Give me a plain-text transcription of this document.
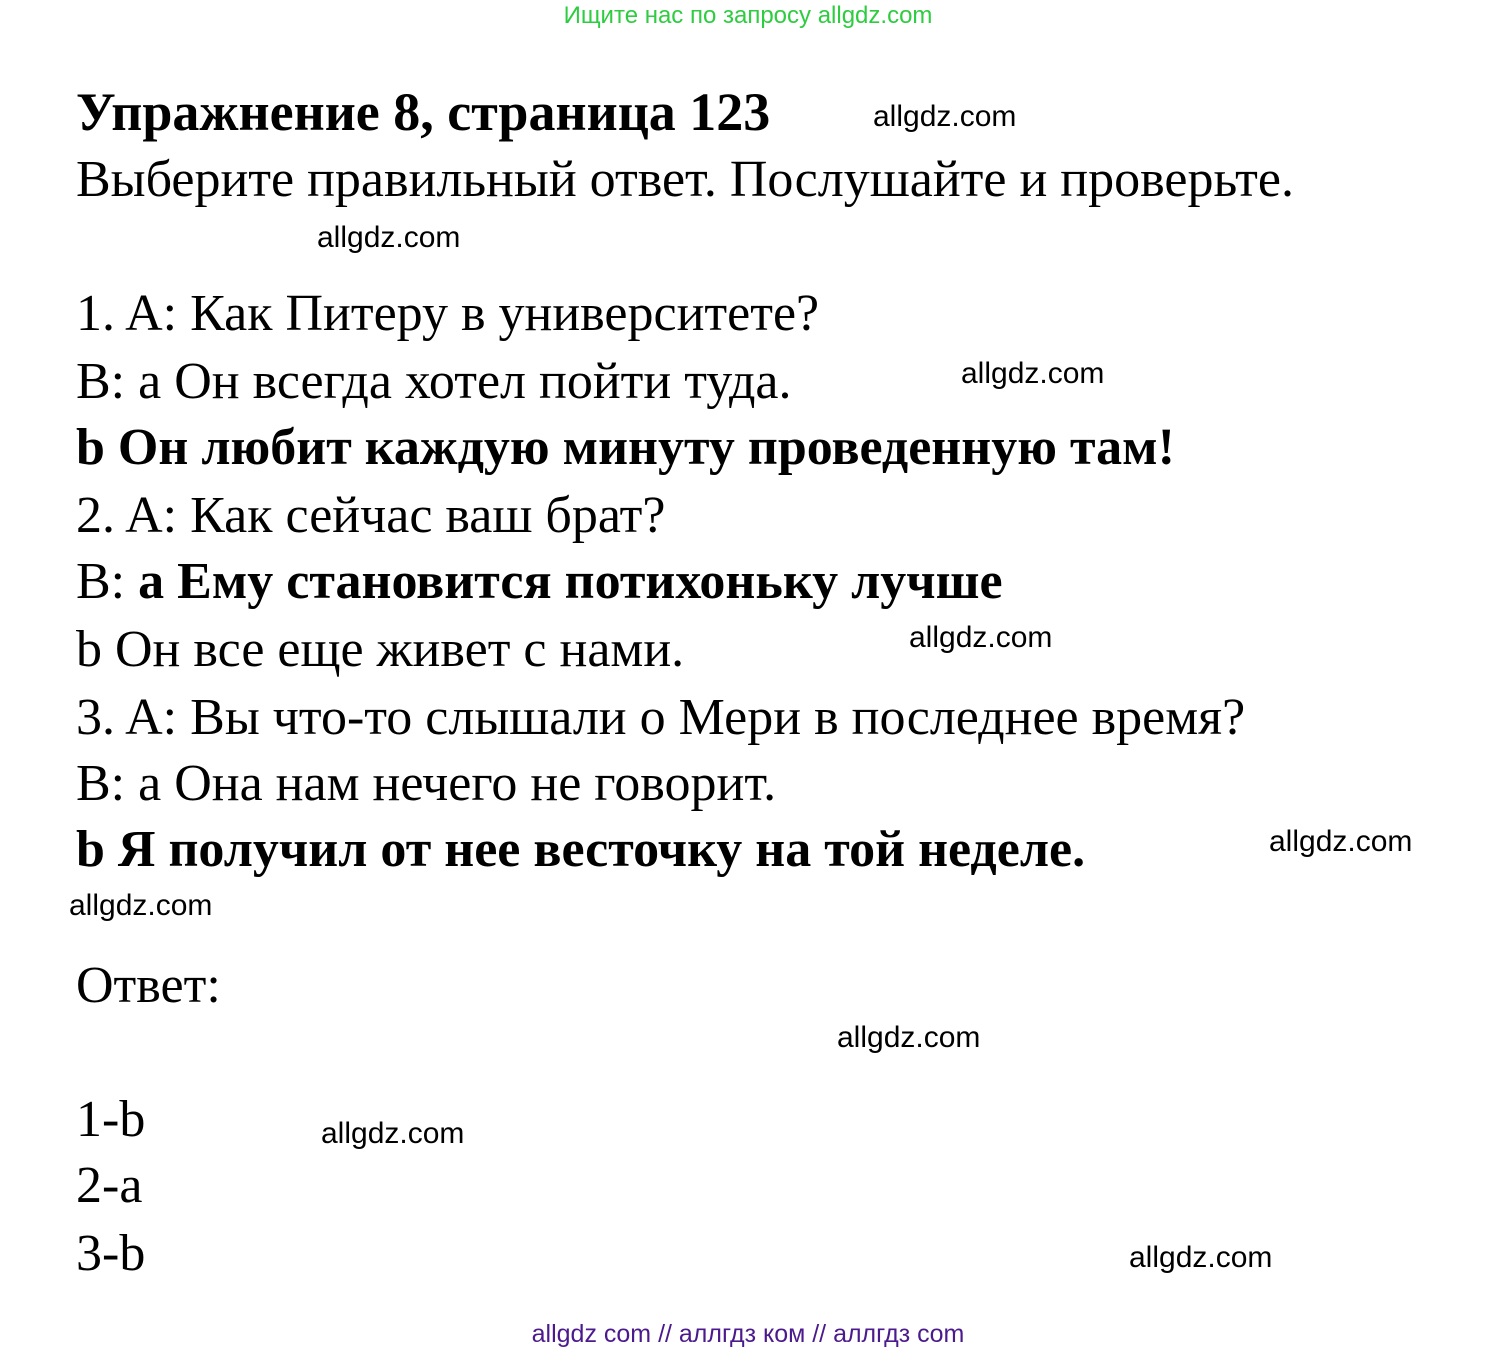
Ищите нас по запросу allgdz.com
Упражнение 8, страница 123
Выберите правильный ответ. Послушайте и проверьте.
1. A: Как Питеру в университете?
B: a Он всегда хотел пойти туда.
b Он любит каждую минуту проведенную там!
2. A: Как сейчас ваш брат?
B: a Ему становится потихоньку лучше
b Он все еще живет с нами.
3. A: Вы что-то слышали о Мери в последнее время?
B: a Она нам нечего не говорит.
b Я получил от нее весточку на той неделе.
Ответ:
1-b
2-a
3-b
allgdz.com
allgdz.com
allgdz.com
allgdz.com
allgdz.com
allgdz.com
allgdz.com
allgdz.com
allgdz.com
allgdz com // аллгдз ком // аллгдз com
